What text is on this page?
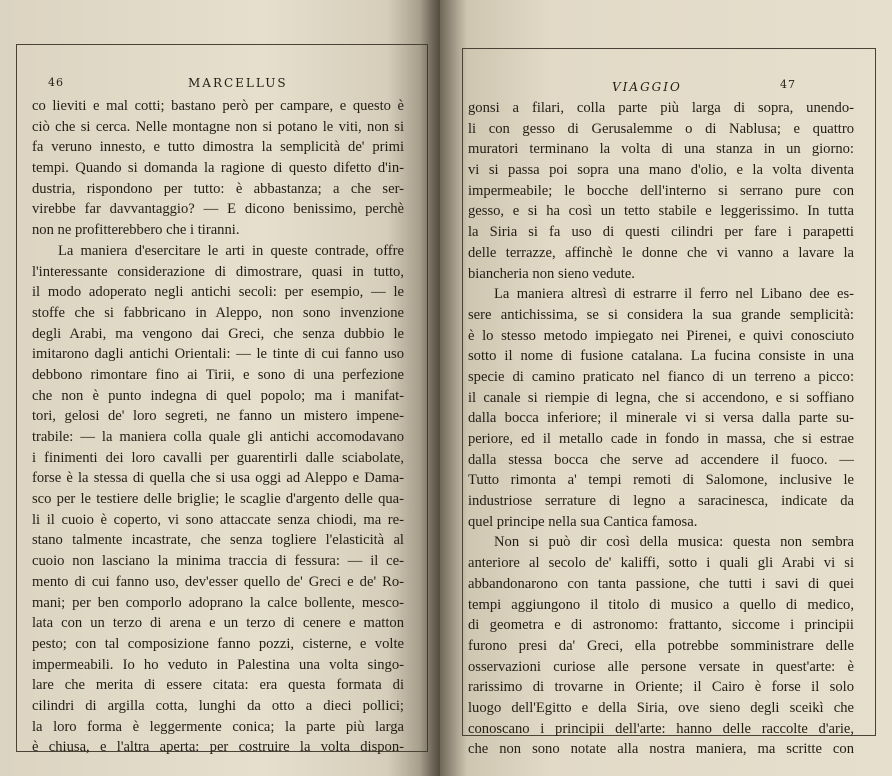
46	MARCELLUS
co lieviti e mal cotti; bastano però per campare, e questo è
ciò che si cerca. Nelle montagne non si potano le viti, non si
fa veruno innesto, e tutto dimostra la semplicità de' primi
tempi. Quando si domanda la ragione di questo difetto d'in-
dustria, rispondono per tutto: è abbastanza; a che ser-
virebbe far davvantaggio? — E dicono benissimo, perchè
non ne profitterebbero che i tiranni.
La maniera d'esercitare le arti in queste contrade, offre
l'interessante considerazione di dimostrare, quasi in tutto,
il modo adoperato negli antichi secoli: per esempio, — le
stoffe che si fabbricano in Aleppo, non sono invenzione
degli Arabi, ma vengono dai Greci, che senza dubbio le
imitarono dagli antichi Orientali: — le tinte di cui fanno uso
debbono rimontare fino ai Tirii, e sono di una perfezione
che non è punto indegna di quel popolo; ma i manifat-
tori, gelosi de' loro segreti, ne fanno un mistero impene-
trabile: — la maniera colla quale gli antichi accomodavano
i finimenti dei loro cavalli per guarentirli dalle sciabolate,
forse è la stessa di quella che si usa oggi ad Aleppo e Dama-
sco per le testiere delle briglie; le scaglie d'argento delle qua-
li il cuoio è coperto, vi sono attaccate senza chiodi, ma re-
stano talmente incastrate, che senza togliere l'elasticità al
cuoio non lasciano la minima traccia di fessura: — il ce-
mento di cui fanno uso, dev'esser quello de' Greci e de' Ro-
mani; per ben comporlo adoprano la calce bollente, mesco-
lata con un terzo di arena e un terzo di cenere e matton
pesto; con tal composizione fanno pozzi, cisterne, e volte
impermeabili. Io ho veduto in Palestina una volta singo-
lare che merita di essere citata: era questa formata di
cilindri di argilla cotta, lunghi da otto a dieci pollici;
la loro forma è leggermente conica; la parte più larga
è chiusa, e l'altra aperta: per costruire la volta dispon-
VIAGGIO	47
gonsi a filari, colla parte più larga di sopra, unendo-
li con gesso di Gerusalemme o di Nablusa; e quattro
muratori terminano la volta di una stanza in un giorno:
vi si passa poi sopra una mano d'olio, e la volta diventa
impermeabile; le bocche dell'interno si serrano pure con
gesso, e si ha così un tetto stabile e leggerissimo. In tutta
la Siria si fa uso di questi cilindri per fare i parapetti
delle terrazze, affinchè le donne che vi vanno a lavare la
biancheria non sieno vedute.
La maniera altresì di estrarre il ferro nel Libano dee es-
sere antichissima, se si considera la sua grande semplicità:
è lo stesso metodo impiegato nei Pirenei, e quivi conosciuto
sotto il nome di fusione catalana. La fucina consiste in una
specie di camino praticato nel fianco di un terreno a picco:
il canale si riempie di legna, che si accendono, e si soffiano
dalla bocca inferiore; il minerale vi si versa dalla parte su-
periore, ed il metallo cade in fondo in massa, che si estrae
dalla stessa bocca che serve ad accendere il fuoco. —
Tutto rimonta a' tempi remoti di Salomone, inclusive le
industriose serrature di legno a saracinesca, indicate da
quel principe nella sua Cantica famosa.
Non si può dir così della musica: questa non sembra
anteriore al secolo de' kaliffi, sotto i quali gli Arabi vi si
abbandonarono con tanta passione, che tutti i savi di quei
tempi aggiungono il titolo di musico a quello di medico,
di geometra e di astronomo: frattanto, siccome i principii
furono presi da' Greci, ella potrebbe somministrare delle
osservazioni curiose alle persone versate in quest'arte: è
rarissimo di trovarne in Oriente; il Cairo è forse il solo
luogo dell'Egitto e della Siria, ove sieno degli sceikì che
conoscano i principii dell'arte: hanno delle raccolte d'arie,
che non sono notate alla nostra maniera, ma scritte con
